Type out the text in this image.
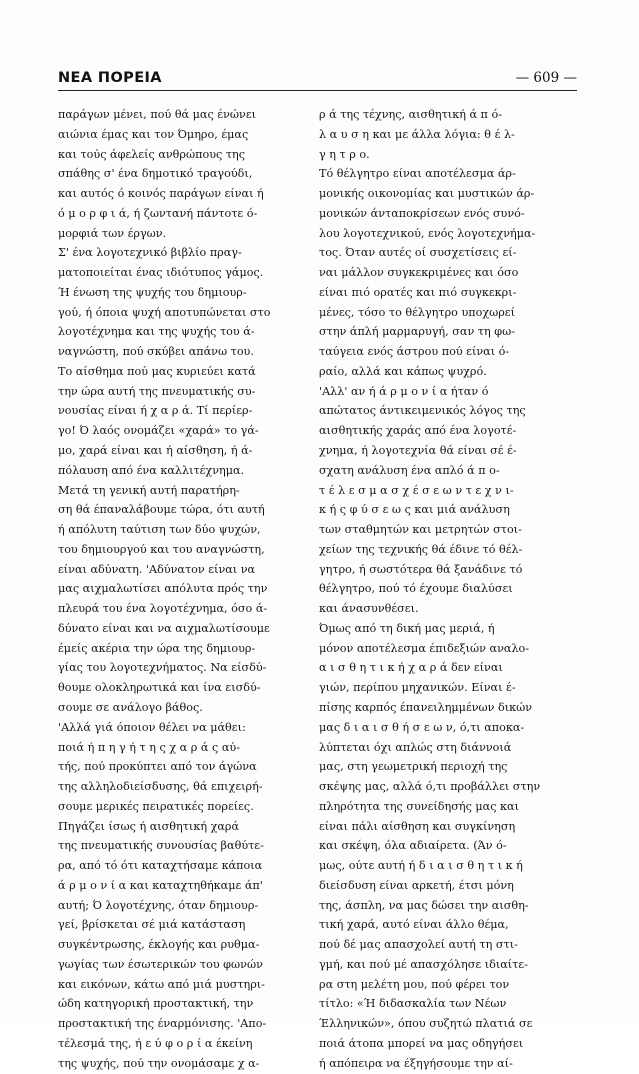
ΝΕΑ ΠΟΡΕΙΑ	— 609 —
παράγων μένει, πού θά μας ένώνει
αιώνια έμας και τον Όμηρο, έμας
και τούς άφελείς ανθρώπους της
σπάθης σ' ένα δημοτικό τραγούδι,
και αυτός ό κοινός παράγων είναι ή
ό μ ο ρ φ ι ά, ή ζωντανή πάντοτε ό-
μορφιά των έργων.
Σ' ένα λογοτεχνικό βιβλίο πραγ-
ματοποιείται ένας ιδιότυπος γάμος.
Ή ένωση της ψυχής του δημιουρ-
γού, ή όποια ψυχή αποτυπώνεται στο
λογοτέχνημα και της ψυχής του ά-
ναγνώστη, πού σκύβει απάνω του.
Το αίσθημα πού μας κυριεύει κατά
την ώρα αυτή της πνευματικής συ-
νουσίας είναι ή χ α ρ ά. Τί περίερ-
γο! Ό λαός ονομάζει «χαρά» το γά-
μο, χαρά είναι και ή αίσθηση, ή ά-
πόλαυση από ένα καλλιτέχνημα.
Μετά τη γενική αυτή παρατήρη-
ση θά έπαναλάβουμε τώρα, ότι αυτή
ή απόλυτη ταύτιση των δύο ψυχών,
του δημιουργού και του αναγνώστη,
είναι αδύνατη. 'Αδύνατον είναι να
μας αιχμαλωτίσει απόλυτα πρός την
πλευρά του ένα λογοτέχνημα, όσο ά-
δύνατο είναι και να αιχμαλωτίσουμε
έμείς ακέρια την ώρα της δημιουρ-
γίας του λογοτεχνήματος. Να είσδύ-
θουμε ολοκληρωτικά και ίνα εισδύ-
σουμε σε ανάλογο βάθος.
'Αλλά γιά όποιον θέλει να μάθει:
ποιά ή π η γ ή τ η ς χ α ρ ά ς αύ-
τής, πού προκύπτει από τον άγώνα
της αλληλοδιείσδυσης, θά επιχειρή-
σουμε μερικές πειρατικές πορείες.
Πηγάζει ίσως ή αισθητική χαρά
της πνευματικής συνουσίας βαθύτε-
ρα, από τό ότι καταχτήσαμε κάποια
ά ρ μ ο ν ί α και καταχτηθήκαμε άπ'
αυτή; Ό λογοτέχνης, όταν δημιουρ-
γεί, βρίσκεται σέ μιά κατάσταση
συγκέντρωσης, έκλογής και ρυθμα-
γωγίας των έσωτερικών του φωνών
και εικόνων, κάτω από μιά μυστηρι-
ώδη κατηγορική προστακτική, την
προστακτική της έναρμόνισης. 'Απο-
τέλεσμά της, ή ε ύ φ ο ρ ί α έκείνη
της ψυχής, πού την ονομάσαμε χ α-
ρ ά της τέχνης, αισθητική ά π ό-
λ α υ σ η και με άλλα λόγια: θ έ λ-
γ η τ ρ ο.
Τό θέλγητρο είναι αποτέλεσμα άρ-
μονικής οικονομίας και μυστικών άρ-
μονικών άνταποκρίσεων ενός συνό-
λου λογοτεχνικού, ενός λογοτεχνήμα-
τος. Όταν αυτές οί συσχετίσεις εί-
ναι μάλλον συγκεκριμένες και όσο
είναι πιό ορατές και πιό συγκεκρι-
μένες, τόσο το θέλγητρο υποχωρεί
στην άπλή μαρμαρυγή, σαν τη φω-
ταύγεια ενός άστρου πού είναι ό-
ραίο, αλλά και κάπως ψυχρό.
'Αλλ' αν ή ά ρ μ ο ν ί α ήταν ό
απώτατος άντικειμενικός λόγος της
αισθητικής χαράς από ένα λογοτέ-
χνημα, ή λογοτεχνία θά είναι σέ έ-
σχατη ανάλυση ένα απλό ά π ο-
τ έ λ ε σ μ α σ χ έ σ ε ω ν τ ε χ ν ι-
κ ή ς φ ύ σ ε ω ς και μιά ανάλυση
των σταθμητών και μετρητών στοι-
χείων της τεχνικής θά έδινε τό θέλ-
γητρο, ή σωστότερα θά ξανάδινε τό
θέλγητρο, πού τό έχουμε διαλύσει
και άνασυνθέσει.
Όμως από τη δική μας μεριά, ή
μόνον αποτέλεσμα έπιδεξιών αναλο-
α ι σ θ η τ ι κ ή χ α ρ ά δεν είναι
γιών, περίπου μηχανικών. Είναι έ-
πίσης καρπός έπανειλημμένων δικών
μας δ ι α ι σ θ ή σ ε ω ν, ό,τι αποκα-
λύπτεται όχι απλώς στη διάννοιά
μας, στη γεωμετρική περιοχή της
σκέψης μας, αλλά ό,τι προβάλλει στην
πληρότητα της συνείδησής μας και
είναι πάλι αίσθηση και συγκίνηση
και σκέψη, όλα αδιαίρετα. (Άν ό-
μως, ούτε αυτή ή δ ι α ι σ θ η τ ι κ ή
διείσδυση είναι αρκετή, έτσι μόνη
της, άσπλη, να μας δώσει την αισθη-
τική χαρά, αυτό είναι άλλο θέμα,
πού δέ μας απασχολεί αυτή τη στι-
γμή, και πού μέ απασχόλησε ιδιαίτε-
ρα στη μελέτη μου, πού φέρει τον
τίτλο: «Ή διδασκαλία των Νέων
Έλληνικών», όπου συζητώ πλατιά σε
ποιά άτοπα μπορεί να μας οδηγήσει
ή απόπειρα να έξηγήσουμε την αί-
